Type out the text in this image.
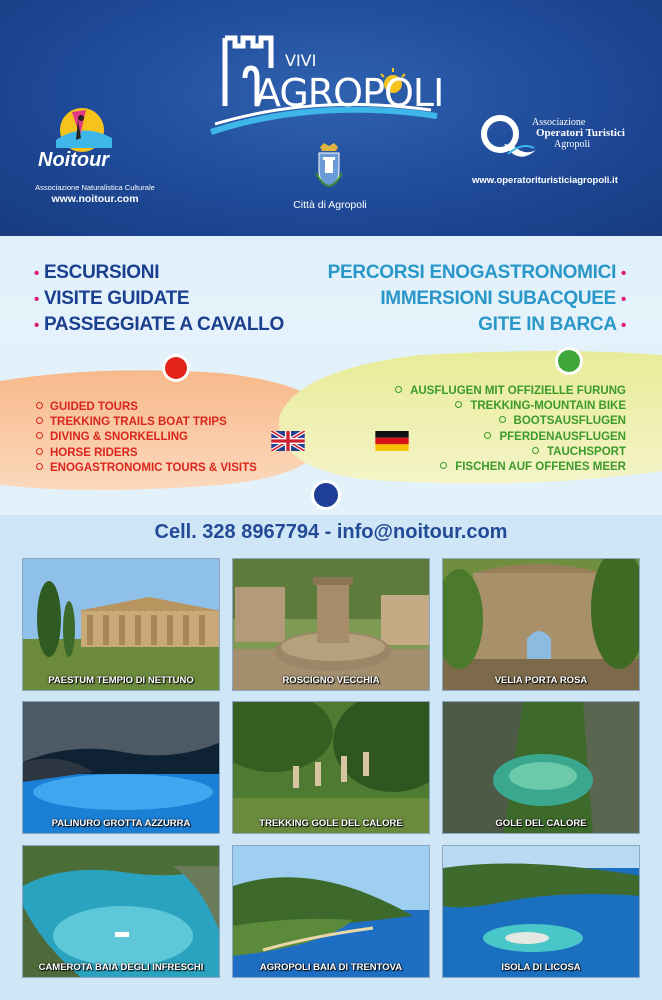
Noitour
Associazione Naturalistica Culturale
www.noitour.com
VIVI
AGROPOLI
Città di Agropoli
Associazione
Operatori Turistici
Agropoli
www.operatorituristiciagropoli.it
• ESCURSIONI
• VISITE GUIDATE
• PASSEGGIATE A CAVALLO
PERCORSI ENOGASTRONOMICI •
IMMERSIONI SUBACQUEE •
GITE IN BARCA •
GUIDED TOURS
TREKKING TRAILS BOAT TRIPS
DIVING & SNORKELLING
HORSE RIDERS
ENOGASTRONOMIC TOURS & VISITS
AUSFLUGEN MIT OFFIZIELLE FURUNG
TREKKING-MOUNTAIN BIKE
BOOTSAUSFLUGEN
PFERDENAUSFLUGEN
TAUCHSPORT
FISCHEN AUF OFFENES MEER
Cell. 328 8967794 - info@noitour.com
PAESTUM TEMPIO DI NETTUNO	ROSCIGNO VECCHIA	VELIA PORTA ROSA
PALINURO GROTTA AZZURRA	TREKKING GOLE DEL CALORE	GOLE DEL CALORE
CAMEROTA BAIA DEGLI INFRESCHI	AGROPOLI BAIA DI TRENTOVA	ISOLA DI LICOSA
